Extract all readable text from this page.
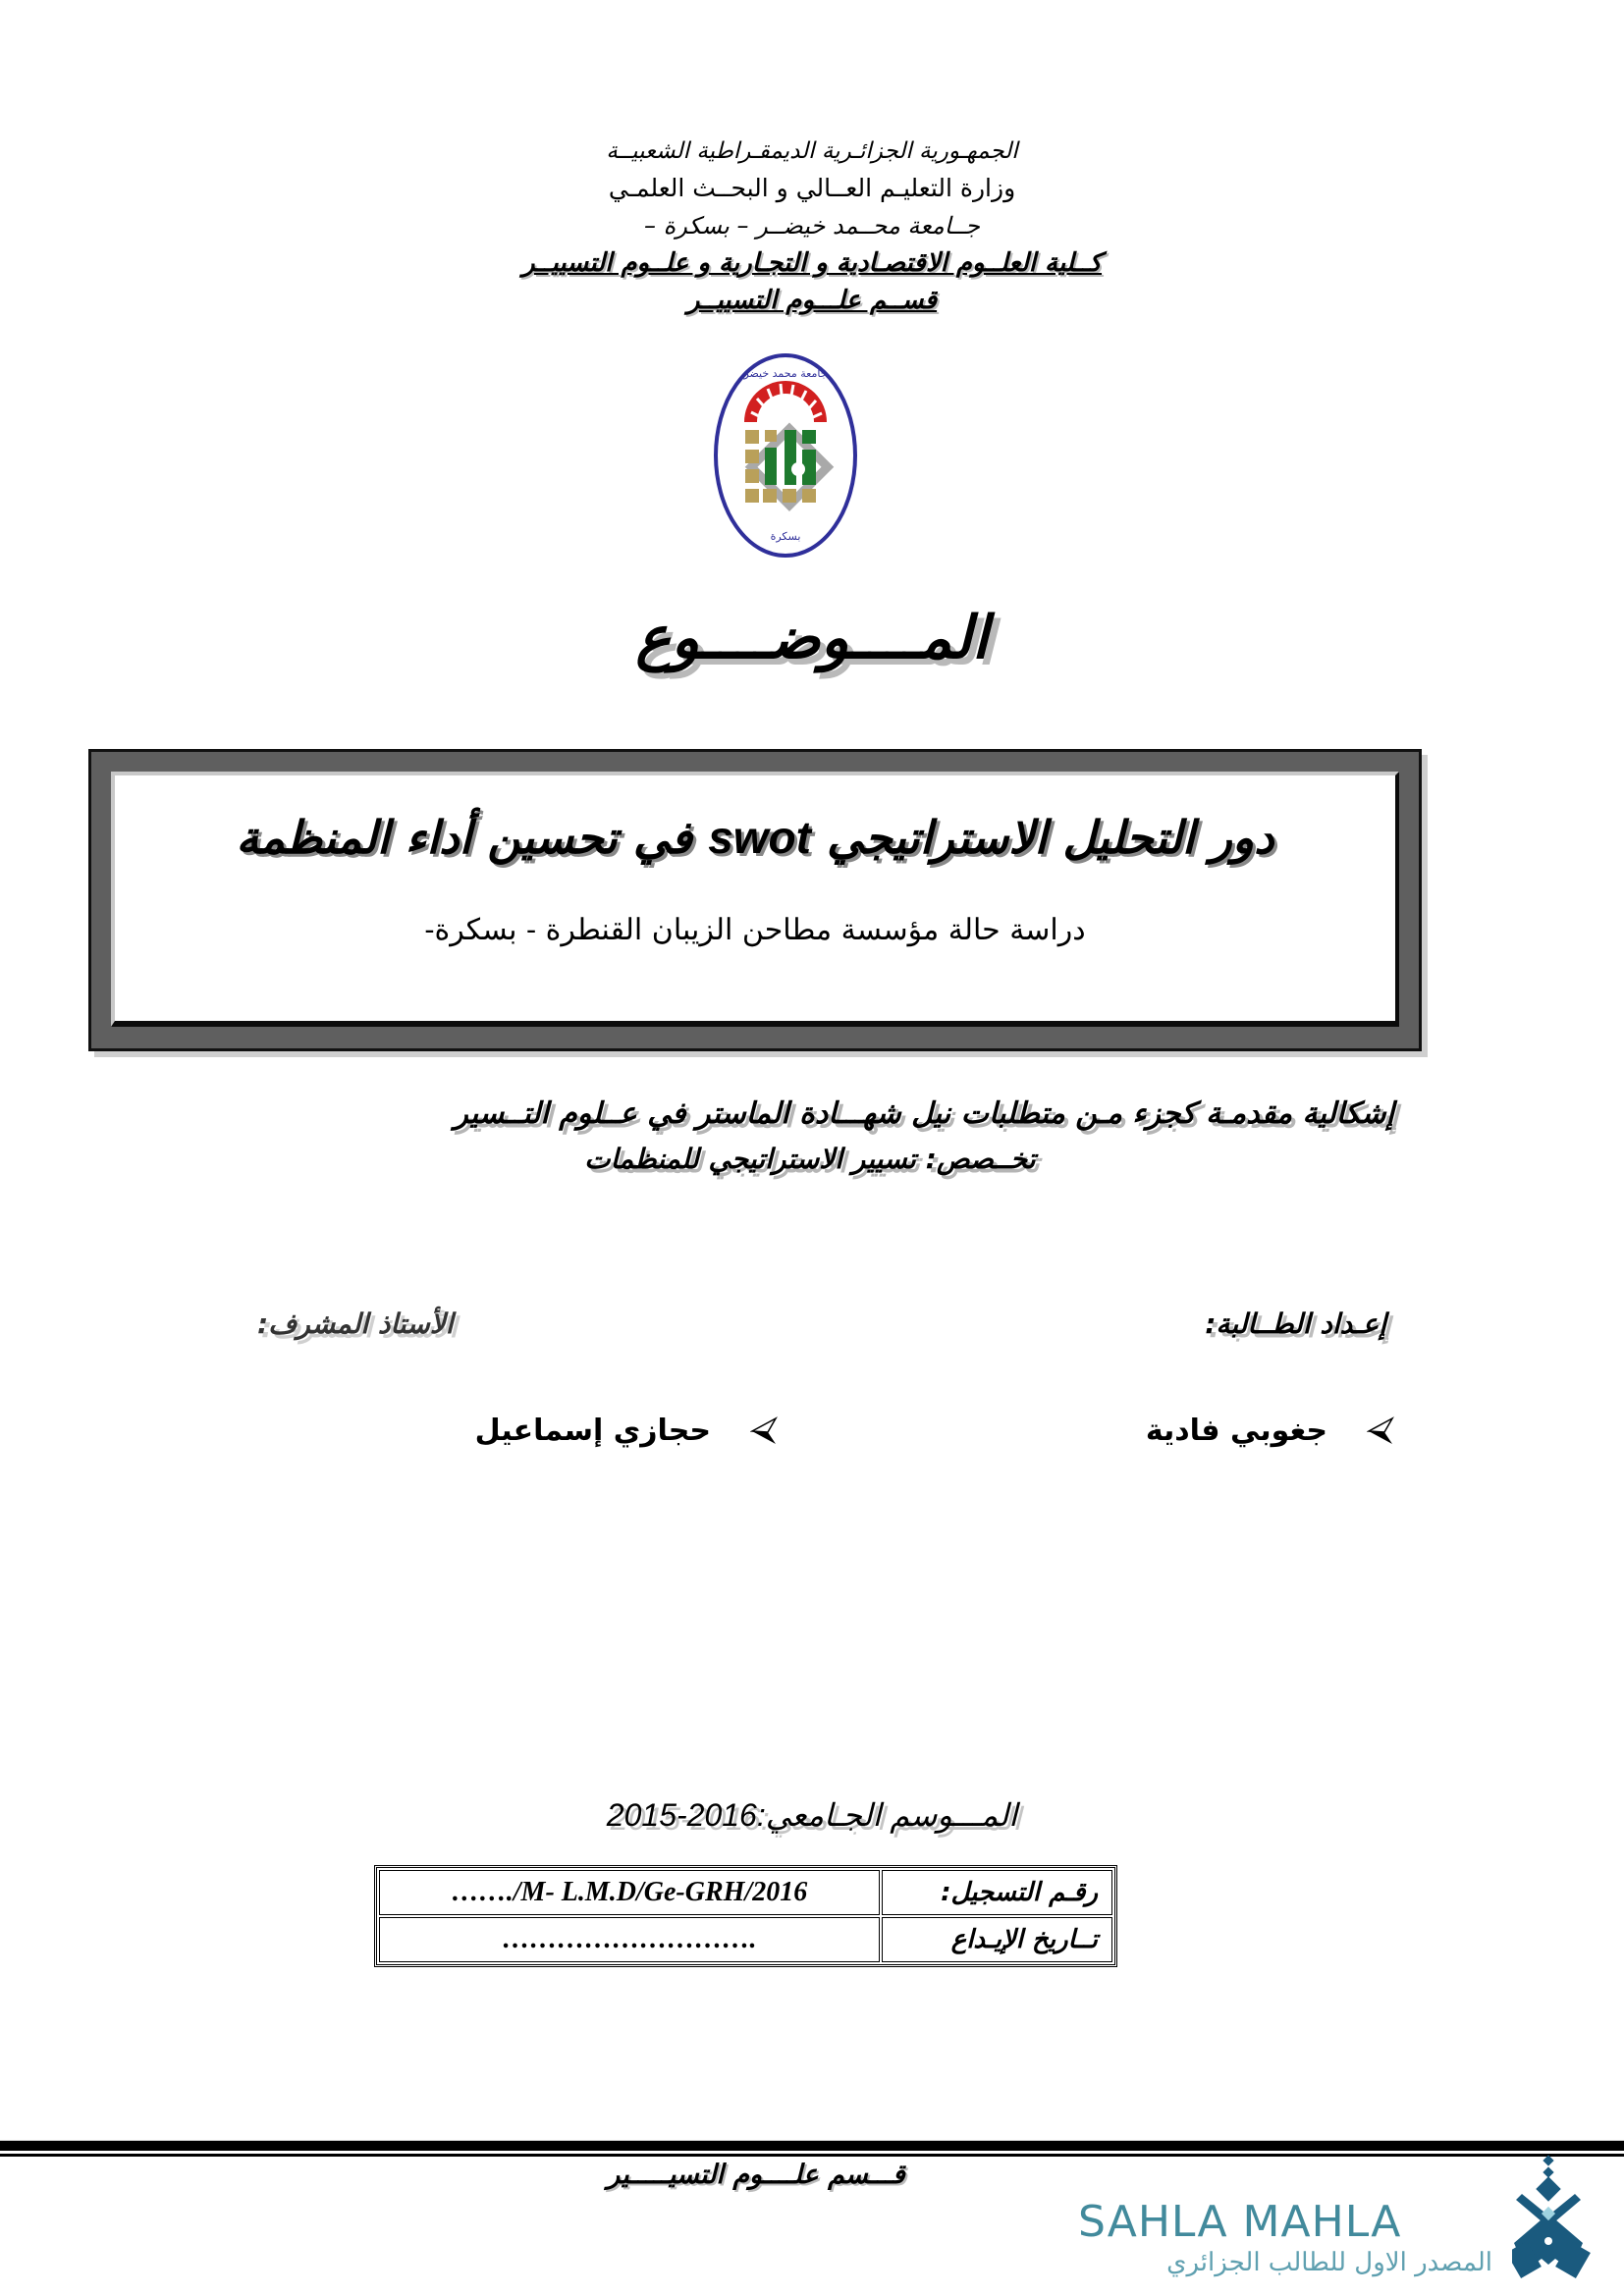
الجمهـورية الجزائـرية الديمقـراطية الشعبيــة
وزارة التعليـم العــالي و البحــث العلمـي
جــامعة محــمد خيضــر – بسكرة –
كــلية العلــوم الاقتصـادية و التجـارية و علــوم التسييــر
قســم علـــوم التسييــر
جامعة محمد خيضر
بسكرة
المــــوضــــوع
دور التحليل الاستراتيجي swot في تحسين أداء المنظمة
دراسة حالة مؤسسة مطاحن الزيبان القنطرة - بسكرة-
إشكالية مقدمـة كجزء مـن متطلبات نيل شهـــادة الماستر في عــلوم التــسير
تخــصص: تسيير الاستراتيجي للمنظمات
إعـداد الطــالبة:
الأستاذ المشرف:
جغوبي فادية
حجازي إسماعيل
2015-2016المـــوسم الجـامعي:
……./M- L.M.D/Ge-GRH/2016	رقـم التسجيل:
……………………….	تــاريخ الإيـداع
قـــسم علــــوم التسيـــــير
SAHLA MAHLA
المصدر الاول للطالب الجزائري
